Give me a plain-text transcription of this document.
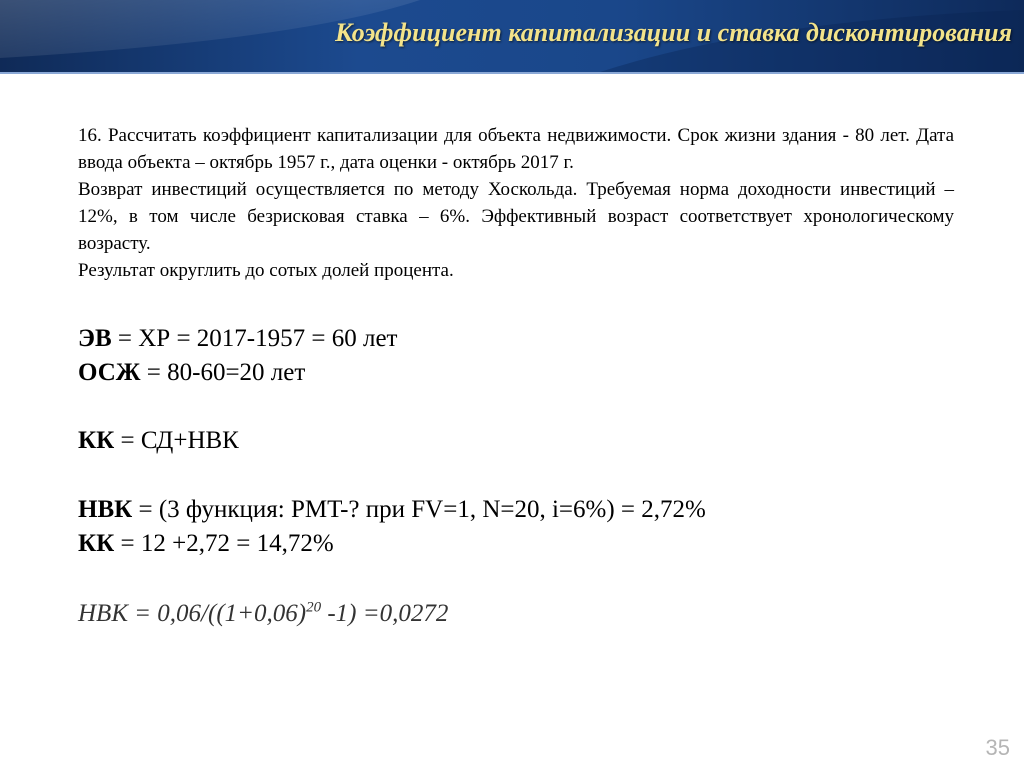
Коэффициент капитализации и ставка дисконтирования

16. Рассчитать коэффициент капитализации для объекта недвижимости. Срок жизни здания - 80 лет. Дата ввода объекта – октябрь 1957 г., дата оценки - октябрь 2017 г.

Возврат инвестиций осуществляется по методу Хоскольда. Требуемая норма доходности инвестиций – 12%, в том числе безрисковая ставка – 6%. Эффективный возраст соответствует хронологическому возрасту.

Результат округлить до сотых долей процента.

ЭВ = ХР = 2017-1957 = 60 лет
ОСЖ = 80-60=20 лет
КК = СД+НВК
НВК = (3 функция: PMT-? при FV=1, N=20, i=6%) = 2,72%
КК = 12 +2,72 = 14,72%
НВК = $0,06/((1+0,06)^{20}$ -1) =0,0272
35
